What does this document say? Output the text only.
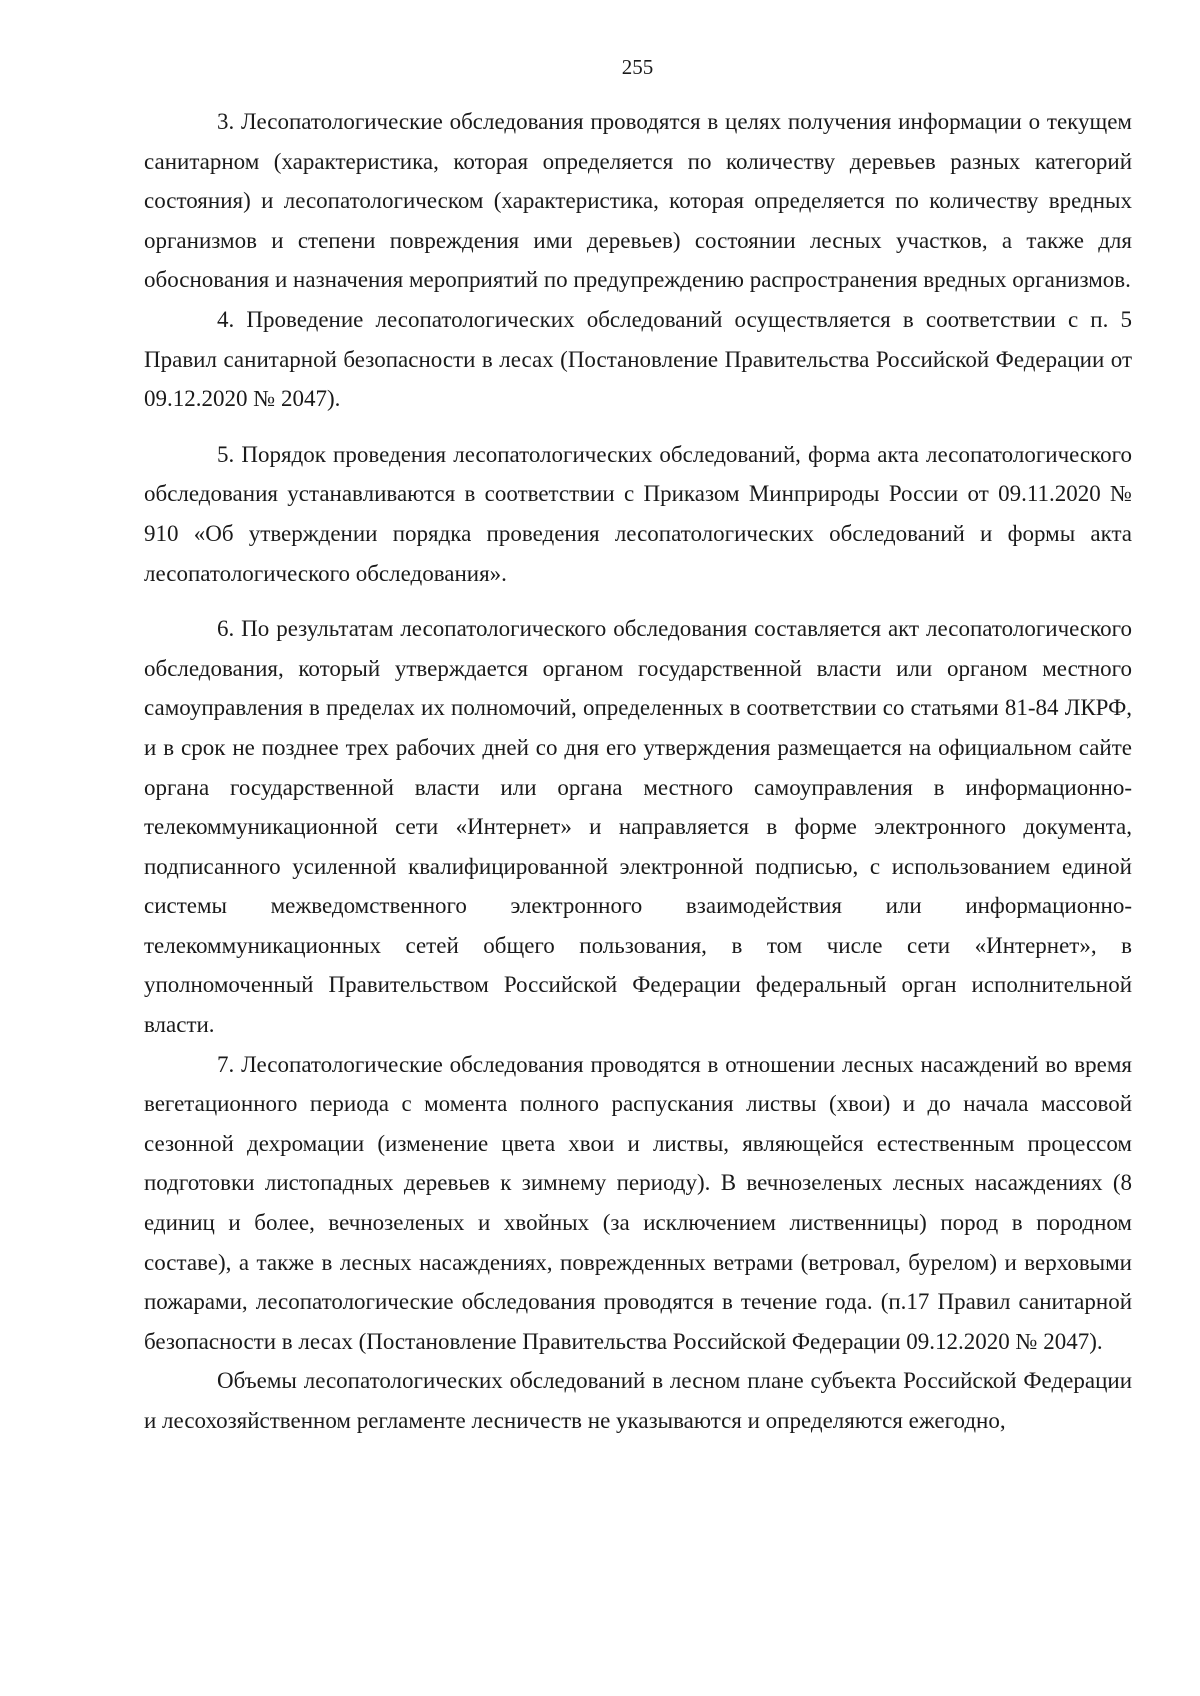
255

3. Лесопатологические обследования проводятся в целях получения информации о текущем санитарном (характеристика, которая определяется по количеству деревьев разных категорий состояния) и лесопатологическом (характеристика, которая определяется по количеству вредных организмов и степени повреждения ими деревьев) состоянии лесных участков, а также для обоснования и назначения мероприятий по предупреждению распространения вредных организмов.

4. Проведение лесопатологических обследований осуществляется в соответствии с п. 5 Правил санитарной безопасности в лесах (Постановление Правительства Российской Федерации от 09.12.2020 № 2047).

5. Порядок проведения лесопатологических обследований, форма акта лесопатологического обследования устанавливаются в соответствии с Приказом Минприроды России от 09.11.2020 № 910 «Об утверждении порядка проведения лесопатологических обследований и формы акта лесопатологического обследования».

6. По результатам лесопатологического обследования составляется акт лесопатологического обследования, который утверждается органом государственной власти или органом местного самоуправления в пределах их полномочий, определенных в соответствии со статьями 81-84 ЛКРФ, и в срок не позднее трех рабочих дней со дня его утверждения размещается на официальном сайте органа государственной власти или органа местного самоуправления в информационно-телекоммуникационной сети «Интернет» и направляется в форме электронного документа, подписанного усиленной квалифицированной электронной подписью, с использованием единой системы межведомственного электронного взаимодействия или информационно-телекоммуникационных сетей общего пользования, в том числе сети «Интернет», в уполномоченный Правительством Российской Федерации федеральный орган исполнительной власти.

7. Лесопатологические обследования проводятся в отношении лесных насаждений во время вегетационного периода с момента полного распускания листвы (хвои) и до начала массовой сезонной дехромации (изменение цвета хвои и листвы, являющейся естественным процессом подготовки листопадных деревьев к зимнему периоду). В вечнозеленых лесных насаждениях (8 единиц и более, вечнозеленых и хвойных (за исключением лиственницы) пород в породном составе), а также в лесных насаждениях, поврежденных ветрами (ветровал, бурелом) и верховыми пожарами, лесопатологические обследования проводятся в течение года. (п.17 Правил санитарной безопасности в лесах (Постановление Правительства Российской Федерации 09.12.2020 № 2047).

Объемы лесопатологических обследований в лесном плане субъекта Российской Федерации и лесохозяйственном регламенте лесничеств не указываются и определяются ежегодно,
